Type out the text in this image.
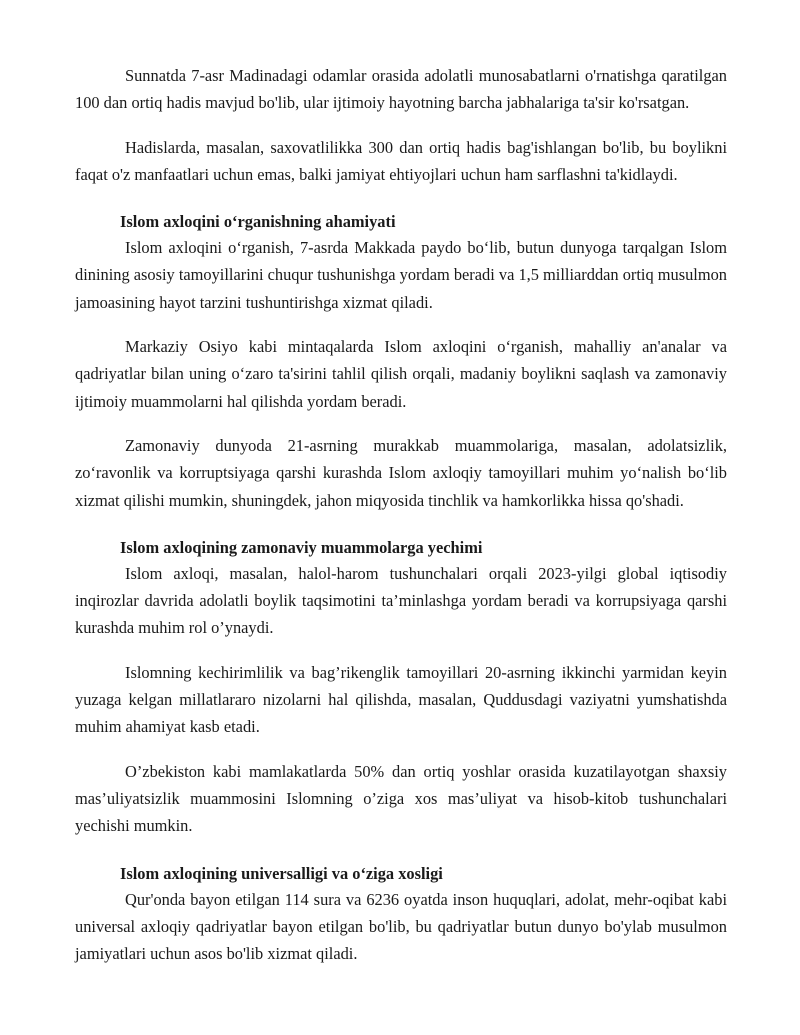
Sunnatda 7-asr Madinadagi odamlar orasida adolatli munosabatlarni o'rnatishga qaratilgan 100 dan ortiq hadis mavjud bo'lib, ular ijtimoiy hayotning barcha jabhalariga ta'sir ko'rsatgan.

Hadislarda, masalan, saxovatlilikka 300 dan ortiq hadis bag'ishlangan bo'lib, bu boylikni faqat o'z manfaatlari uchun emas, balki jamiyat ehtiyojlari uchun ham sarflashni ta'kidlaydi.

Islom axloqini o‘rganishning ahamiyati

Islom axloqini o‘rganish, 7-asrda Makkada paydo bo‘lib, butun dunyoga tarqalgan Islom dinining asosiy tamoyillarini chuqur tushunishga yordam beradi va 1,5 milliarddan ortiq musulmon jamoasining hayot tarzini tushuntirishga xizmat qiladi.

Markaziy Osiyo kabi mintaqalarda Islom axloqini o‘rganish, mahalliy an'analar va qadriyatlar bilan uning o‘zaro ta'sirini tahlil qilish orqali, madaniy boylikni saqlash va zamonaviy ijtimoiy muammolarni hal qilishda yordam beradi.

Zamonaviy dunyoda 21-asrning murakkab muammolariga, masalan, adolatsizlik, zo‘ravonlik va korruptsiyaga qarshi kurashda Islom axloqiy tamoyillari muhim yo‘nalish bo‘lib xizmat qilishi mumkin, shuningdek, jahon miqyosida tinchlik va hamkorlikka hissa qo'shadi.

Islom axloqining zamonaviy muammolarga yechimi

Islom axloqi, masalan, halol-harom tushunchalari orqali 2023-yilgi global iqtisodiy inqirozlar davrida adolatli boylik taqsimotini ta’minlashga yordam beradi va korrupsiyaga qarshi kurashda muhim rol o’ynaydi.

Islomning kechirimlilik va bag’rikenglik tamoyillari 20-asrning ikkinchi yarmidan keyin yuzaga kelgan millatlararo nizolarni hal qilishda, masalan, Quddusdagi vaziyatni yumshatishda muhim ahamiyat kasb etadi.

O’zbekiston kabi mamlakatlarda 50% dan ortiq yoshlar orasida kuzatilayotgan shaxsiy mas’uliyatsizlik muammosini Islomning o’ziga xos mas’uliyat va hisob-kitob tushunchalari yechishi mumkin.

Islom axloqining universalligi va o‘ziga xosligi

Qur'onda bayon etilgan 114 sura va 6236 oyatda inson huquqlari, adolat, mehr-oqibat kabi universal axloqiy qadriyatlar bayon etilgan bo'lib, bu qadriyatlar butun dunyo bo'ylab musulmon jamiyatlari uchun asos bo'lib xizmat qiladi.
